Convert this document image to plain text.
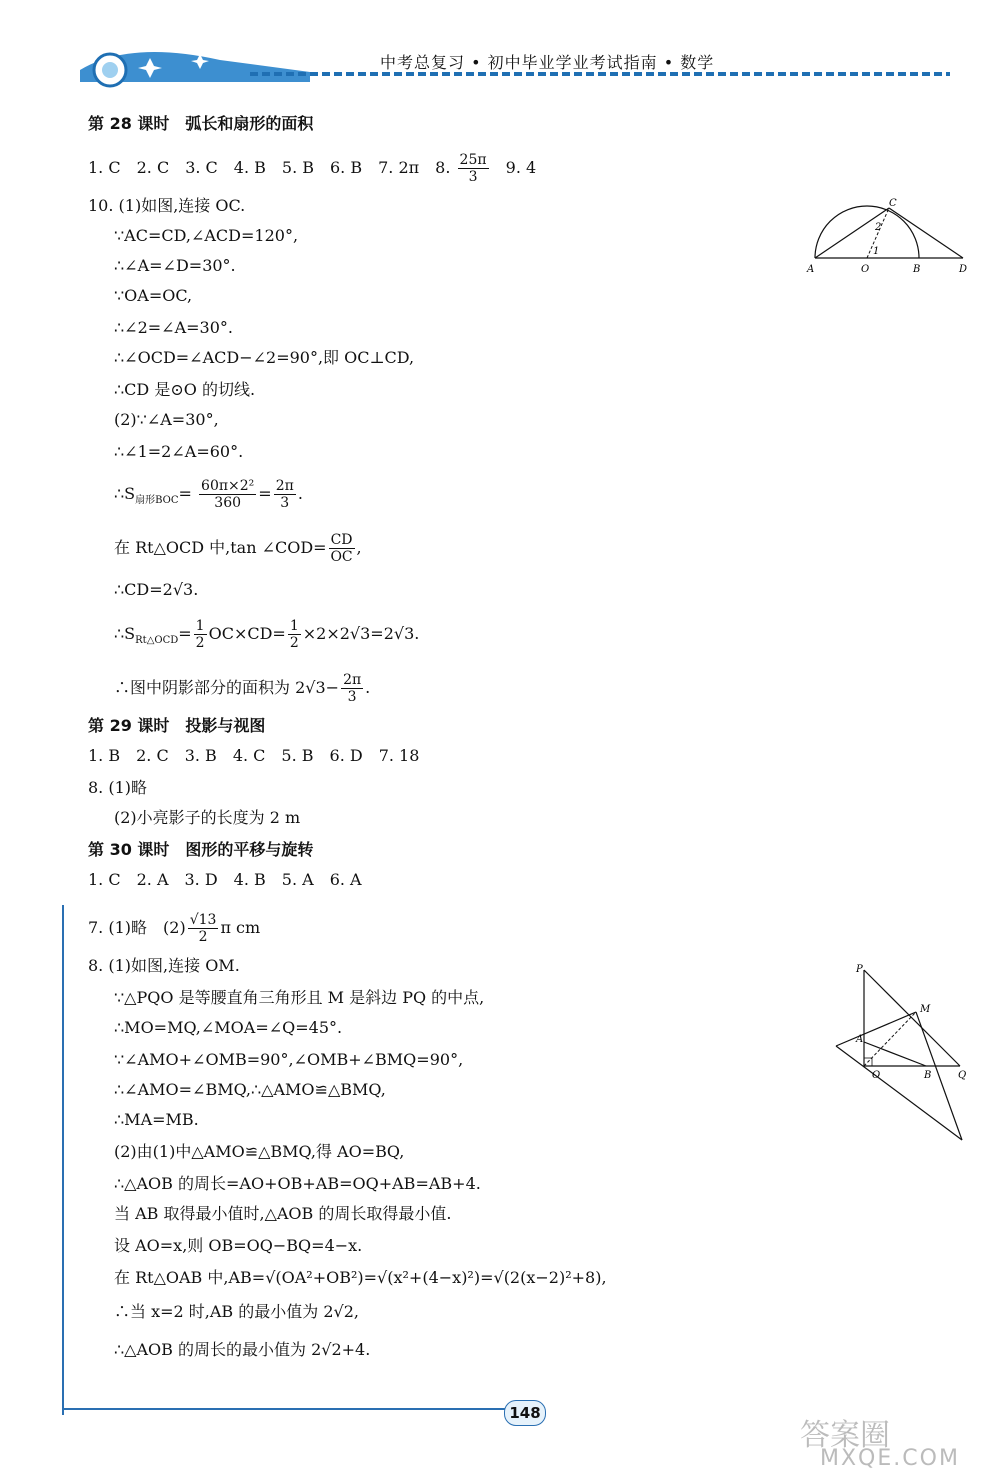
中考总复习 • 初中毕业学业考试指南 • 数学
第 28 课时　弧长和扇形的面积
1. C　2. C　3. C　4. B　5. B　6. B　7. 2π　8. $\frac{25\pi}{3} 9$. 4
10. (1)如图,连接 OC.
∵AC=CD,∠ACD=120°,
∴∠A=∠D=30°.
∵OA=OC,
∴∠2=∠A=30°.
∴∠OCD=∠ACD−∠2=90°,即 OC⊥CD,
∴CD 是⊙O 的切线.
(2)∵∠A=30°,
∴∠1=2∠A=60°.
$\therefore S_{扇形BOC}= \frac{\text{60π×2²}}{360} = \frac{2\pi}{3}$ .
在 Rt△OCD 中,tan ∠COD= $\frac{CD}{OC}$ ,
∴CD=2√3.
$\therefore S_{Rt\triangle OCD}= \frac{1}{2} OC\times CD= \frac{1}{2} \times 2\times 2√3=2√3$.
∴图中阴影部分的面积为 $2√3- \frac{2\pi}{3}$ .
第 29 课时　投影与视图
1. B　2. C　3. B　4. C　5. B　6. D　7. 18
8. (1)略
(2)小亮影子的长度为 2 m
第 30 课时　图形的平移与旋转
1. C　2. A　3. D　4. B　5. A　6. A
7. (1)略　$(2) \frac{√13}{2}$ π cm
8. (1)如图,连接 OM.
∵△PQO 是等腰直角三角形且 M 是斜边 PQ 的中点,
∴MO=MQ,∠MOA=∠Q=45°.
∵∠AMO+∠OMB=90°,∠OMB+∠BMQ=90°,
∴∠AMO=∠BMQ,∴△AMO≌△BMQ,
∴MA=MB.
(2)由(1)中△AMO≌△BMQ,得 AO=BQ,
∴△AOB 的周长=AO+OB+AB=OQ+AB=AB+4.
当 AB 取得最小值时,△AOB 的周长取得最小值.
设 AO=x,则 OB=OQ−BQ=4−x.
在 Rt△OAB 中,AB=√(OA²+OB²)=√(x²+(4−x)²)=√(2(x−2)²+8),
∴当 x=2 时,AB 的最小值为 2√2,
∴△AOB 的周长的最小值为 2√2+4.
A	O	B	D
C
2
1
P
M
A
O	B	Q
148
答案圈
MXQE.COM
